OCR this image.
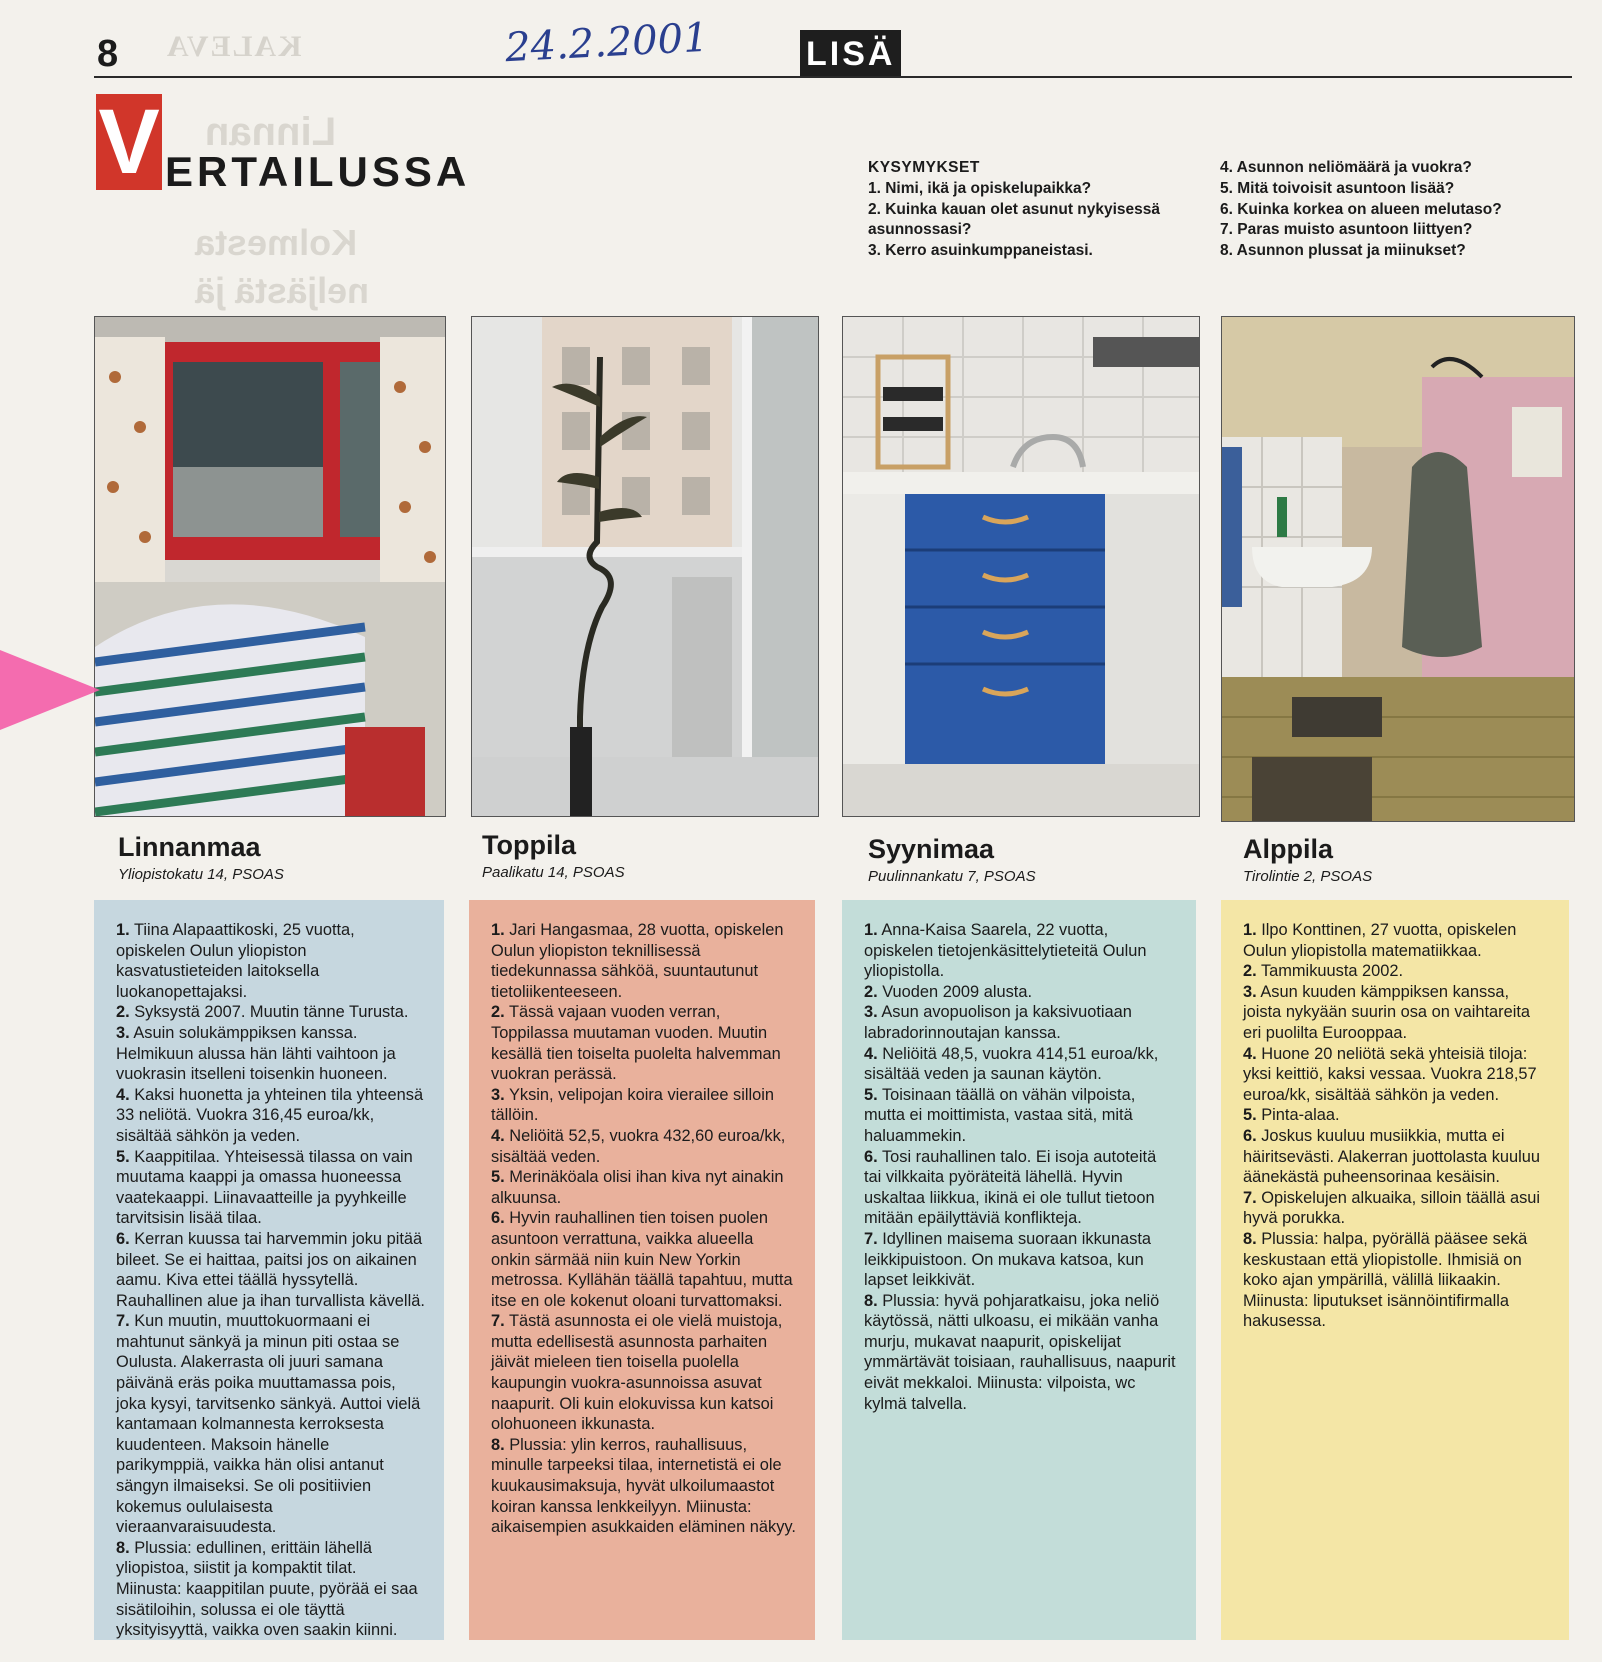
8 KALEVA	24.2.2001	LISÄ
V ERTAILUSSA
Linnan
Kolmesta
neljästä jä
KYSYMYKSET
1. Nimi, ikä ja opiskelupaikka?
2. Kuinka kauan olet asunut nykyisessä
asunnossasi?
3. Kerro asuinkumppaneistasi.
4. Asunnon neliömäärä ja vuokra?
5. Mitä toivoisit asuntoon lisää?
6. Kuinka korkea on alueen melutaso?
7. Paras muisto asuntoon liittyen?
8. Asunnon plussat ja miinukset?
Linnanmaa
Yliopistokatu 14, PSOAS
Toppila
Paalikatu 14, PSOAS
Syynimaa
Puulinnankatu 7, PSOAS
Alppila
Tirolintie 2, PSOAS

1. Tiina Alapaattikoski, 25 vuotta, opiskelen Oulun yliopiston kasvatustieteiden laitoksella luokanopettajaksi.

2. Syksystä 2007. Muutin tänne Turusta.

3. Asuin solukämppiksen kanssa. Helmikuun alussa hän lähti vaihtoon ja vuokrasin itselleni toisenkin huoneen.

4. Kaksi huonetta ja yhteinen tila yhteensä 33 neliötä. Vuokra 316,45 euroa/kk, sisältää sähkön ja veden.

5. Kaappitilaa. Yhteisessä tilassa on vain muutama kaappi ja omassa huoneessa vaatekaappi. Liinavaatteille ja pyyhkeille tarvitsisin lisää tilaa.

6. Kerran kuussa tai harvemmin joku pitää bileet. Se ei haittaa, paitsi jos on aikainen aamu. Kiva ettei täällä hyssytellä. Rauhallinen alue ja ihan turvallista kävellä.

7. Kun muutin, muuttokuormaani ei mahtunut sänkyä ja minun piti ostaa se Oulusta. Alakerrasta oli juuri samana päivänä eräs poika muuttamassa pois, joka kysyi, tarvitsenko sänkyä. Auttoi vielä kantamaan kolmannesta kerroksesta kuudenteen. Maksoin hänelle parikymppiä, vaikka hän olisi antanut sängyn ilmaiseksi. Se oli positiivien kokemus oululaisesta vieraanvaraisuudesta.

8. Plussia: edullinen, erittäin lähellä yliopistoa, siistit ja kompaktit tilat. Miinusta: kaappitilan puute, pyörää ei saa sisätiloihin, solussa ei ole täyttä yksityisyyttä, vaikka oven saakin kiinni.

1. Jari Hangasmaa, 28 vuotta, opiskelen Oulun yliopiston teknillisessä tiedekunnassa sähköä, suuntautunut tietoliikenteeseen.

2. Tässä vajaan vuoden verran, Toppilassa muutaman vuoden. Muutin kesällä tien toiselta puolelta halvemman vuokran perässä.

3. Yksin, velipojan koira vierailee silloin tällöin.

4. Neliöitä 52,5, vuokra 432,60 euroa/kk, sisältää veden.

5. Merinäköala olisi ihan kiva nyt ainakin alkuunsa.

6. Hyvin rauhallinen tien toisen puolen asuntoon verrattuna, vaikka alueella onkin särmää niin kuin New Yorkin metrossa. Kyllähän täällä tapahtuu, mutta itse en ole kokenut oloani turvattomaksi.

7. Tästä asunnosta ei ole vielä muistoja, mutta edellisestä asunnosta parhaiten jäivät mieleen tien toisella puolella kaupungin vuokra-asunnoissa asuvat naapurit. Oli kuin elokuvissa kun katsoi olohuoneen ikkunasta.

8. Plussia: ylin kerros, rauhallisuus, minulle tarpeeksi tilaa, internetistä ei ole kuukausimaksuja, hyvät ulkoilumaastot koiran kanssa lenkkeilyyn. Miinusta: aikaisempien asukkaiden eläminen näkyy.

1. Anna-Kaisa Saarela, 22 vuotta, opiskelen tietojenkäsittelytieteitä Oulun yliopistolla.

2. Vuoden 2009 alusta.

3. Asun avopuolison ja kaksivuotiaan labradorinnoutajan kanssa.

4. Neliöitä 48,5, vuokra 414,51 euroa/kk, sisältää veden ja saunan käytön.

5. Toisinaan täällä on vähän vilpoista, mutta ei moittimista, vastaa sitä, mitä haluammekin.

6. Tosi rauhallinen talo. Ei isoja autoteitä tai vilkkaita pyöräteitä lähellä. Hyvin uskaltaa liikkua, ikinä ei ole tullut tietoon mitään epäilyttäviä konflikteja.

7. Idyllinen maisema suoraan ikkunasta leikkipuistoon. On mukava katsoa, kun lapset leikkivät.

8. Plussia: hyvä pohjaratkaisu, joka neliö käytössä, nätti ulkoasu, ei mikään vanha murju, mukavat naapurit, opiskelijat ymmärtävät toisiaan, rauhallisuus, naapurit eivät mekkaloi. Miinusta: vilpoista, wc kylmä talvella.

1. Ilpo Konttinen, 27 vuotta, opiskelen Oulun yliopistolla matematiikkaa.

2. Tammikuusta 2002.

3. Asun kuuden kämppiksen kanssa, joista nykyään suurin osa on vaihtareita eri puolilta Eurooppaa.

4. Huone 20 neliötä sekä yhteisiä tiloja: yksi keittiö, kaksi vessaa. Vuokra 218,57 euroa/kk, sisältää sähkön ja veden.

5. Pinta-alaa.

6. Joskus kuuluu musiikkia, mutta ei häiritsevästi. Alakerran juottolasta kuuluu äänekästä puheensorinaa kesäisin.

7. Opiskelujen alkuaika, silloin täällä asui hyvä porukka.

8. Plussia: halpa, pyörällä pääsee sekä keskustaan että yliopistolle. Ihmisiä on koko ajan ympärillä, välillä liikaakin. Miinusta: liputukset isännöintifirmalla hakusessa.
